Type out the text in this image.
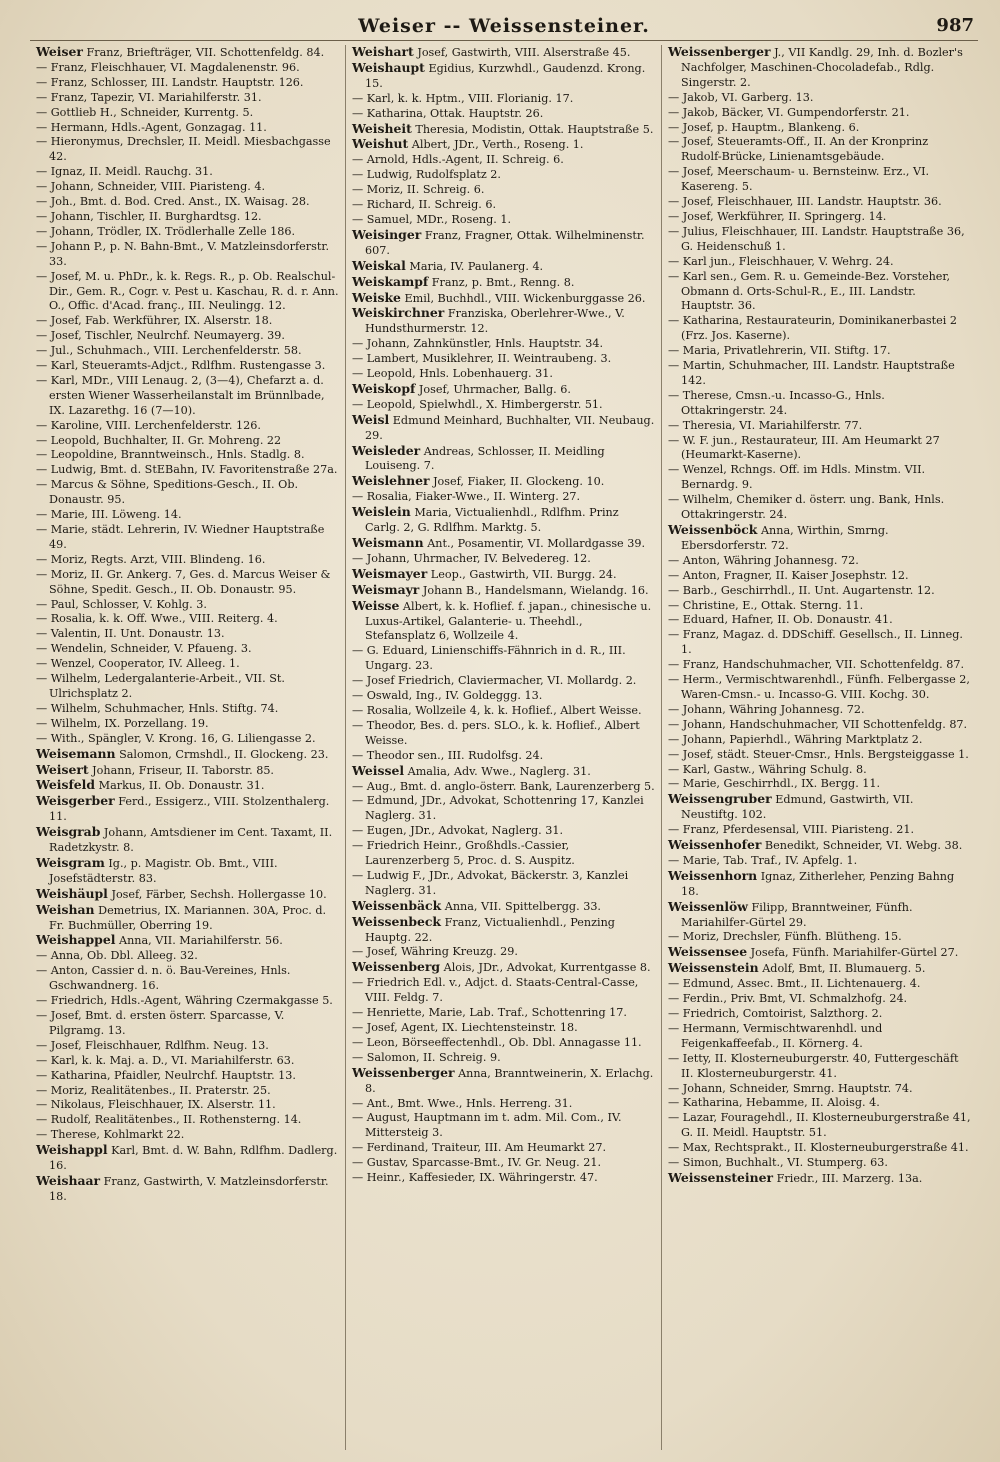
Weiser -- Weissensteiner.	987

Weiser Franz, Briefträger, VII. Schottenfeldg. 84.

— Franz, Fleischhauer, VI. Magdalenenstr. 96.

— Franz, Schlosser, III. Landstr. Hauptstr. 126.

— Franz, Tapezir, VI. Mariahilferstr. 31.

— Gottlieb H., Schneider, Kurrentg. 5.

— Hermann, Hdls.-Agent, Gonzagag. 11.

— Hieronymus, Drechsler, II. Meidl. Miesbachgasse 42.

— Ignaz, II. Meidl. Rauchg. 31.

— Johann, Schneider, VIII. Piaristeng. 4.

— Joh., Bmt. d. Bod. Cred. Anst., IX. Waisag. 28.

— Johann, Tischler, II. Burghardtsg. 12.

— Johann, Trödler, IX. Trödlerhalle Zelle 186.

— Johann P., p. N. Bahn-Bmt., V. Matzleinsdorferstr. 33.

— Josef, M. u. PhDr., k. k. Regs. R., p. Ob. Realschul-Dir., Gem. R., Cogr. v. Pest u. Kaschau, R. d. r. Ann. O., Offic. d'Acad. franç., III. Neulingg. 12.

— Josef, Fab. Werkführer, IX. Alserstr. 18.

— Josef, Tischler, Neulrchf. Neumayerg. 39.

— Jul., Schuhmach., VIII. Lerchenfelderstr. 58.

— Karl, Steueramts-Adjct., Rdlfhm. Rustengasse 3.

— Karl, MDr., VIII Lenaug. 2, (3—4), Chefarzt a. d. ersten Wiener Wasserheilanstalt im Brünnlbade, IX. Lazarethg. 16 (7—10).

— Karoline, VIII. Lerchenfelderstr. 126.

— Leopold, Buchhalter, II. Gr. Mohreng. 22

— Leopoldine, Branntweinsch., Hnls. Stadlg. 8.

— Ludwig, Bmt. d. StEBahn, IV. Favoritenstraße 27a.

— Marcus & Söhne, Speditions-Gesch., II. Ob. Donaustr. 95.

— Marie, III. Löweng. 14.

— Marie, städt. Lehrerin, IV. Wiedner Hauptstraße 49.

— Moriz, Regts. Arzt, VIII. Blindeng. 16.

— Moriz, II. Gr. Ankerg. 7, Ges. d. Marcus Weiser & Söhne, Spedit. Gesch., II. Ob. Donaustr. 95.

— Paul, Schlosser, V. Kohlg. 3.

— Rosalia, k. k. Off. Wwe., VIII. Reiterg. 4.

— Valentin, II. Unt. Donaustr. 13.

— Wendelin, Schneider, V. Pfaueng. 3.

— Wenzel, Cooperator, IV. Alleeg. 1.

— Wilhelm, Ledergalanterie-Arbeit., VII. St. Ulrichsplatz 2.

— Wilhelm, Schuhmacher, Hnls. Stiftg. 74.

— Wilhelm, IX. Porzellang. 19.

— With., Spängler, V. Krong. 16, G. Liliengasse 2.

Weisemann Salomon, Crmshdl., II. Glockeng. 23.

Weisert Johann, Friseur, II. Taborstr. 85.

Weisfeld Markus, II. Ob. Donaustr. 31.

Weisgerber Ferd., Essigerz., VIII. Stolzenthalerg. 11.

Weisgrab Johann, Amtsdiener im Cent. Taxamt, II. Radetzkystr. 8.

Weisgram Ig., p. Magistr. Ob. Bmt., VIII. Josefstädterstr. 83.

Weishäupl Josef, Färber, Sechsh. Hollergasse 10.

Weishan Demetrius, IX. Mariannen. 30A, Proc. d. Fr. Buchmüller, Oberring 19.

Weishappel Anna, VII. Mariahilferstr. 56.

— Anna, Ob. Dbl. Alleeg. 32.

— Anton, Cassier d. n. ö. Bau-Vereines, Hnls. Gschwandnerg. 16.

— Friedrich, Hdls.-Agent, Währing Czermakgasse 5.

— Josef, Bmt. d. ersten österr. Sparcasse, V. Pilgramg. 13.

— Josef, Fleischhauer, Rdlfhm. Neug. 13.

— Karl, k. k. Maj. a. D., VI. Mariahilferstr. 63.

— Katharina, Pfaidler, Neulrchf. Hauptstr. 13.

— Moriz, Realitätenbes., II. Praterstr. 25.

— Nikolaus, Fleischhauer, IX. Alserstr. 11.

— Rudolf, Realitätenbes., II. Rothensterng. 14.

— Therese, Kohlmarkt 22.

Weishappl Karl, Bmt. d. W. Bahn, Rdlfhm. Dadlerg. 16.

Weishaar Franz, Gastwirth, V. Matzleinsdorferstr. 18.

Weishart Josef, Gastwirth, VIII. Alserstraße 45.

Weishaupt Egidius, Kurzwhdl., Gaudenzd. Krong. 15.

— Karl, k. k. Hptm., VIII. Florianig. 17.

— Katharina, Ottak. Hauptstr. 26.

Weisheit Theresia, Modistin, Ottak. Hauptstraße 5.

Weishut Albert, JDr., Verth., Roseng. 1.

— Arnold, Hdls.-Agent, II. Schreig. 6.

— Ludwig, Rudolfsplatz 2.

— Moriz, II. Schreig. 6.

— Richard, II. Schreig. 6.

— Samuel, MDr., Roseng. 1.

Weisinger Franz, Fragner, Ottak. Wilhelminenstr. 607.

Weiskal Maria, IV. Paulanerg. 4.

Weiskampf Franz, p. Bmt., Renng. 8.

Weiske Emil, Buchhdl., VIII. Wickenburggasse 26.

Weiskirchner Franziska, Oberlehrer-Wwe., V. Hundsthurmerstr. 12.

— Johann, Zahnkünstler, Hnls. Hauptstr. 34.

— Lambert, Musiklehrer, II. Weintraubeng. 3.

— Leopold, Hnls. Lobenhauerg. 31.

Weiskopf Josef, Uhrmacher, Ballg. 6.

— Leopold, Spielwhdl., X. Himbergerstr. 51.

Weisl Edmund Meinhard, Buchhalter, VII. Neubaug. 29.

Weisleder Andreas, Schlosser, II. Meidling Louiseng. 7.

Weislehner Josef, Fiaker, II. Glockeng. 10.

— Rosalia, Fiaker-Wwe., II. Winterg. 27.

Weislein Maria, Victualienhdl., Rdlfhm. Prinz Carlg. 2, G. Rdlfhm. Marktg. 5.

Weismann Ant., Posamentir, VI. Mollardgasse 39.

— Johann, Uhrmacher, IV. Belvedereg. 12.

Weismayer Leop., Gastwirth, VII. Burgg. 24.

Weismayr Johann B., Handelsmann, Wielandg. 16.

Weisse Albert, k. k. Hoflief. f. japan., chinesische u. Luxus-Artikel, Galanterie- u. Theehdl., Stefansplatz 6, Wollzeile 4.

— G. Eduard, Linienschiffs-Fähnrich in d. R., III. Ungarg. 23.

— Josef Friedrich, Claviermacher, VI. Mollardg. 2.

— Oswald, Ing., IV. Goldeggg. 13.

— Rosalia, Wollzeile 4, k. k. Hoflief., Albert Weisse.

— Theodor, Bes. d. pers. SLO., k. k. Hoflief., Albert Weisse.

— Theodor sen., III. Rudolfsg. 24.

Weissel Amalia, Adv. Wwe., Naglerg. 31.

— Aug., Bmt. d. anglo-österr. Bank, Laurenzerberg 5.

— Edmund, JDr., Advokat, Schottenring 17, Kanzlei Naglerg. 31.

— Eugen, JDr., Advokat, Naglerg. 31.

— Friedrich Heinr., Großhdls.-Cassier, Laurenzerberg 5, Proc. d. S. Auspitz.

— Ludwig F., JDr., Advokat, Bäckerstr. 3, Kanzlei Naglerg. 31.

Weissenbäck Anna, VII. Spittelbergg. 33.

Weissenbeck Franz, Victualienhdl., Penzing Hauptg. 22.

— Josef, Währing Kreuzg. 29.

Weissenberg Alois, JDr., Advokat, Kurrentgasse 8.

— Friedrich Edl. v., Adjct. d. Staats-Central-Casse, VIII. Feldg. 7.

— Henriette, Marie, Lab. Traf., Schottenring 17.

— Josef, Agent, IX. Liechtensteinstr. 18.

— Leon, Börseeffectenhdl., Ob. Dbl. Annagasse 11.

— Salomon, II. Schreig. 9.

Weissenberger Anna, Branntweinerin, X. Erlachg. 8.

— Ant., Bmt. Wwe., Hnls. Herreng. 31.

— August, Hauptmann im t. adm. Mil. Com., IV. Mittersteig 3.

— Ferdinand, Traiteur, III. Am Heumarkt 27.

— Gustav, Sparcasse-Bmt., IV. Gr. Neug. 21.

— Heinr., Kaffesieder, IX. Währingerstr. 47.

Weissenberger J., VII Kandlg. 29, Inh. d. Bozler's Nachfolger, Maschinen-Chocoladefab., Rdlg. Singerstr. 2.

— Jakob, VI. Garberg. 13.

— Jakob, Bäcker, VI. Gumpendorferstr. 21.

— Josef, p. Hauptm., Blankeng. 6.

— Josef, Steueramts-Off., II. An der Kronprinz Rudolf-Brücke, Linienamtsgebäude.

— Josef, Meerschaum- u. Bernsteinw. Erz., VI. Kasereng. 5.

— Josef, Fleischhauer, III. Landstr. Hauptstr. 36.

— Josef, Werkführer, II. Springerg. 14.

— Julius, Fleischhauer, III. Landstr. Hauptstraße 36, G. Heidenschuß 1.

— Karl jun., Fleischhauer, V. Wehrg. 24.

— Karl sen., Gem. R. u. Gemeinde-Bez. Vorsteher, Obmann d. Orts-Schul-R., E., III. Landstr. Hauptstr. 36.

— Katharina, Restaurateurin, Dominikanerbastei 2 (Frz. Jos. Kaserne).

— Maria, Privatlehrerin, VII. Stiftg. 17.

— Martin, Schuhmacher, III. Landstr. Hauptstraße 142.

— Therese, Cmsn.-u. Incasso-G., Hnls. Ottakringerstr. 24.

— Theresia, VI. Mariahilferstr. 77.

— W. F. jun., Restaurateur, III. Am Heumarkt 27 (Heumarkt-Kaserne).

— Wenzel, Rchngs. Off. im Hdls. Minstm. VII. Bernardg. 9.

— Wilhelm, Chemiker d. österr. ung. Bank, Hnls. Ottakringerstr. 24.

Weissenböck Anna, Wirthin, Smrng. Ebersdorferstr. 72.

— Anton, Währing Johannesg. 72.

— Anton, Fragner, II. Kaiser Josephstr. 12.

— Barb., Geschirrhdl., II. Unt. Augartenstr. 12.

— Christine, E., Ottak. Sterng. 11.

— Eduard, Hafner, II. Ob. Donaustr. 41.

— Franz, Magaz. d. DDSchiff. Gesellsch., II. Linneg. 1.

— Franz, Handschuhmacher, VII. Schottenfeldg. 87.

— Herm., Vermischtwarenhdl., Fünfh. Felbergasse 2, Waren-Cmsn.- u. Incasso-G. VIII. Kochg. 30.

— Johann, Währing Johannesg. 72.

— Johann, Handschuhmacher, VII Schottenfeldg. 87.

— Johann, Papierhdl., Währing Marktplatz 2.

— Josef, städt. Steuer-Cmsr., Hnls. Bergsteiggasse 1.

— Karl, Gastw., Währing Schulg. 8.

— Marie, Geschirrhdl., IX. Bergg. 11.

Weissengruber Edmund, Gastwirth, VII. Neustiftg. 102.

— Franz, Pferdesensal, VIII. Piaristeng. 21.

Weissenhofer Benedikt, Schneider, VI. Webg. 38.

— Marie, Tab. Traf., IV. Apfelg. 1.

Weissenhorn Ignaz, Zitherleher, Penzing Bahng 18.

Weissenlöw Filipp, Branntweiner, Fünfh. Mariahilfer-Gürtel 29.

— Moriz, Drechsler, Fünfh. Blütheng. 15.

Weissensee Josefa, Fünfh. Mariahilfer-Gürtel 27.

Weissenstein Adolf, Bmt, II. Blumauerg. 5.

— Edmund, Assec. Bmt., II. Lichtenauerg. 4.

— Ferdin., Priv. Bmt, VI. Schmalzhofg. 24.

— Friedrich, Comtoirist, Salzthorg. 2.

— Hermann, Vermischtwarenhdl. und Feigenkaffeefab., II. Körnerg. 4.

— Ietty, II. Klosterneuburgerstr. 40, Futtergeschäft II. Klosterneuburgerstr. 41.

— Johann, Schneider, Smrng. Hauptstr. 74.

— Katharina, Hebamme, II. Aloisg. 4.

— Lazar, Fouragehdl., II. Klosterneuburgerstraße 41, G. II. Meidl. Hauptstr. 51.

— Max, Rechtsprakt., II. Klosterneuburgerstraße 41.

— Simon, Buchhalt., VI. Stumperg. 63.

Weissensteiner Friedr., III. Marzerg. 13a.
